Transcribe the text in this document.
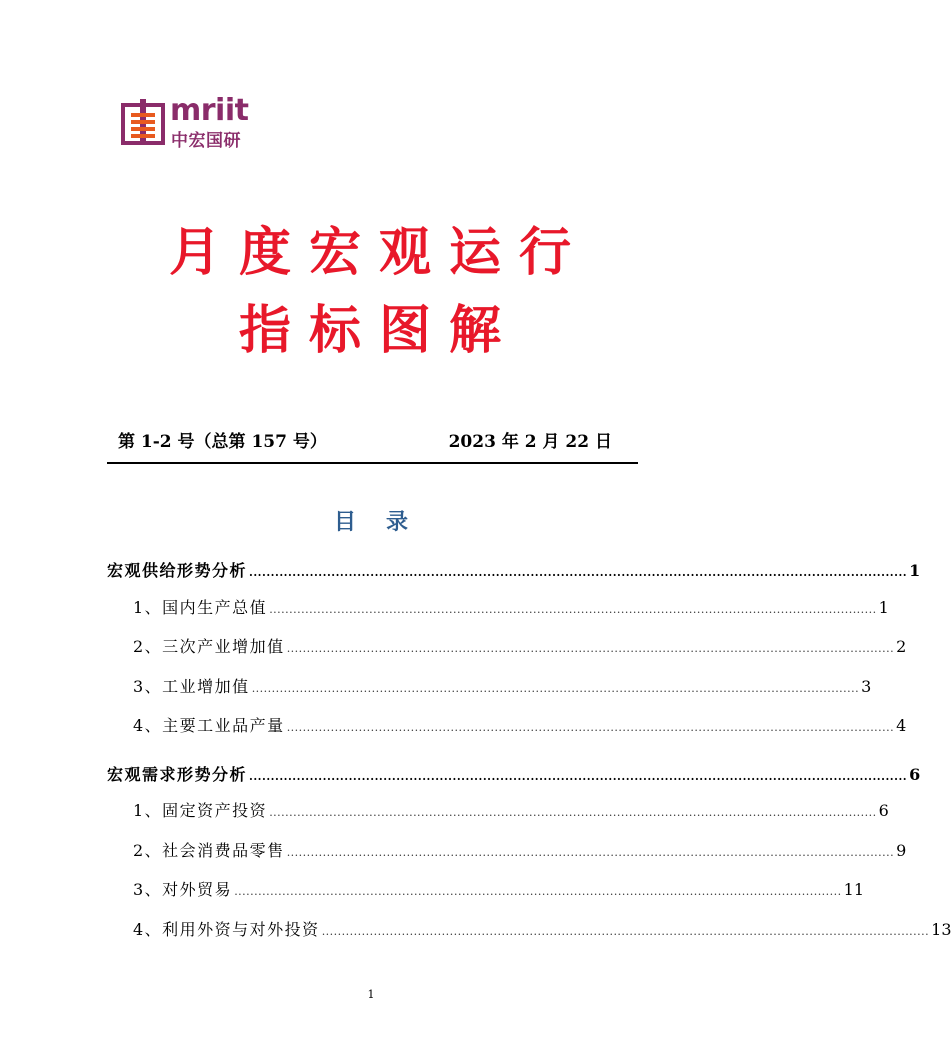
mriit
中宏国研
月度宏观运行
指标图解
第 1-2 号（总第 157 号）	2023 年 2 月 22 日
目录
宏观供给形势分析 ........................................................................................................................................................ 1
1、国内生产总值 ........................................................................................................................................................ 1
2、三次产业增加值 ........................................................................................................................................................ 2
3、工业增加值 ........................................................................................................................................................ 3
4、主要工业品产量 ........................................................................................................................................................ 4
宏观需求形势分析 ........................................................................................................................................................ 6
1、固定资产投资 ........................................................................................................................................................ 6
2、社会消费品零售 ........................................................................................................................................................ 9
3、对外贸易 ........................................................................................................................................................ 11
4、利用外资与对外投资 ........................................................................................................................................................ 13
1
